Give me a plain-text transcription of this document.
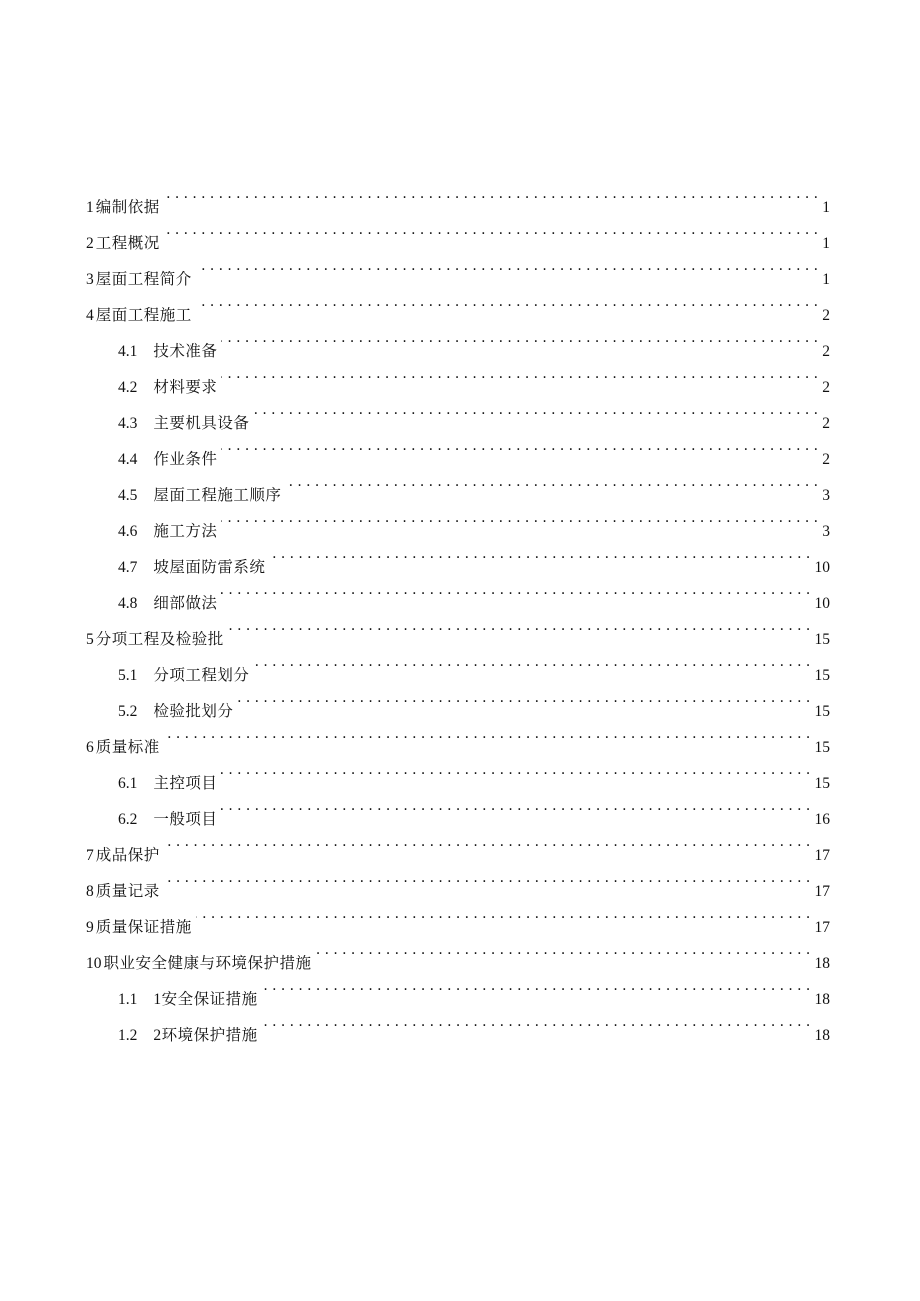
1 编制依据 . . .	1
2 工程概况 . . .	1
3 屋面工程简介 . . .	1
4 屋面工程施工 . . .	2
4.1 技术准备 . . .	2
4.2 材料要求 . . .	2
4.3 主要机具设备 . . .	2
4.4 作业条件 . . .	2
4.5 屋面工程施工顺序 . . .	3
4.6 施工方法 . . .	3
4.7 坡屋面防雷系统 . . .	10
4.8 细部做法 . . .	10
5 分项工程及检验批 . . .	15
5.1 分项工程划分 . . .	15
5.2 检验批划分 . . .	15
6 质量标准 . . .	15
6.1 主控项目 . . .	15
6.2 一般项目 . . .	16
7 成品保护 . . .	17
8 质量记录 . . .	17
9 质量保证措施 . . .	17
10 职业安全健康与环境保护措施 . . .	18
1.1 1安全保证措施 . . .	18
1.2 2环境保护措施 . . .	18
